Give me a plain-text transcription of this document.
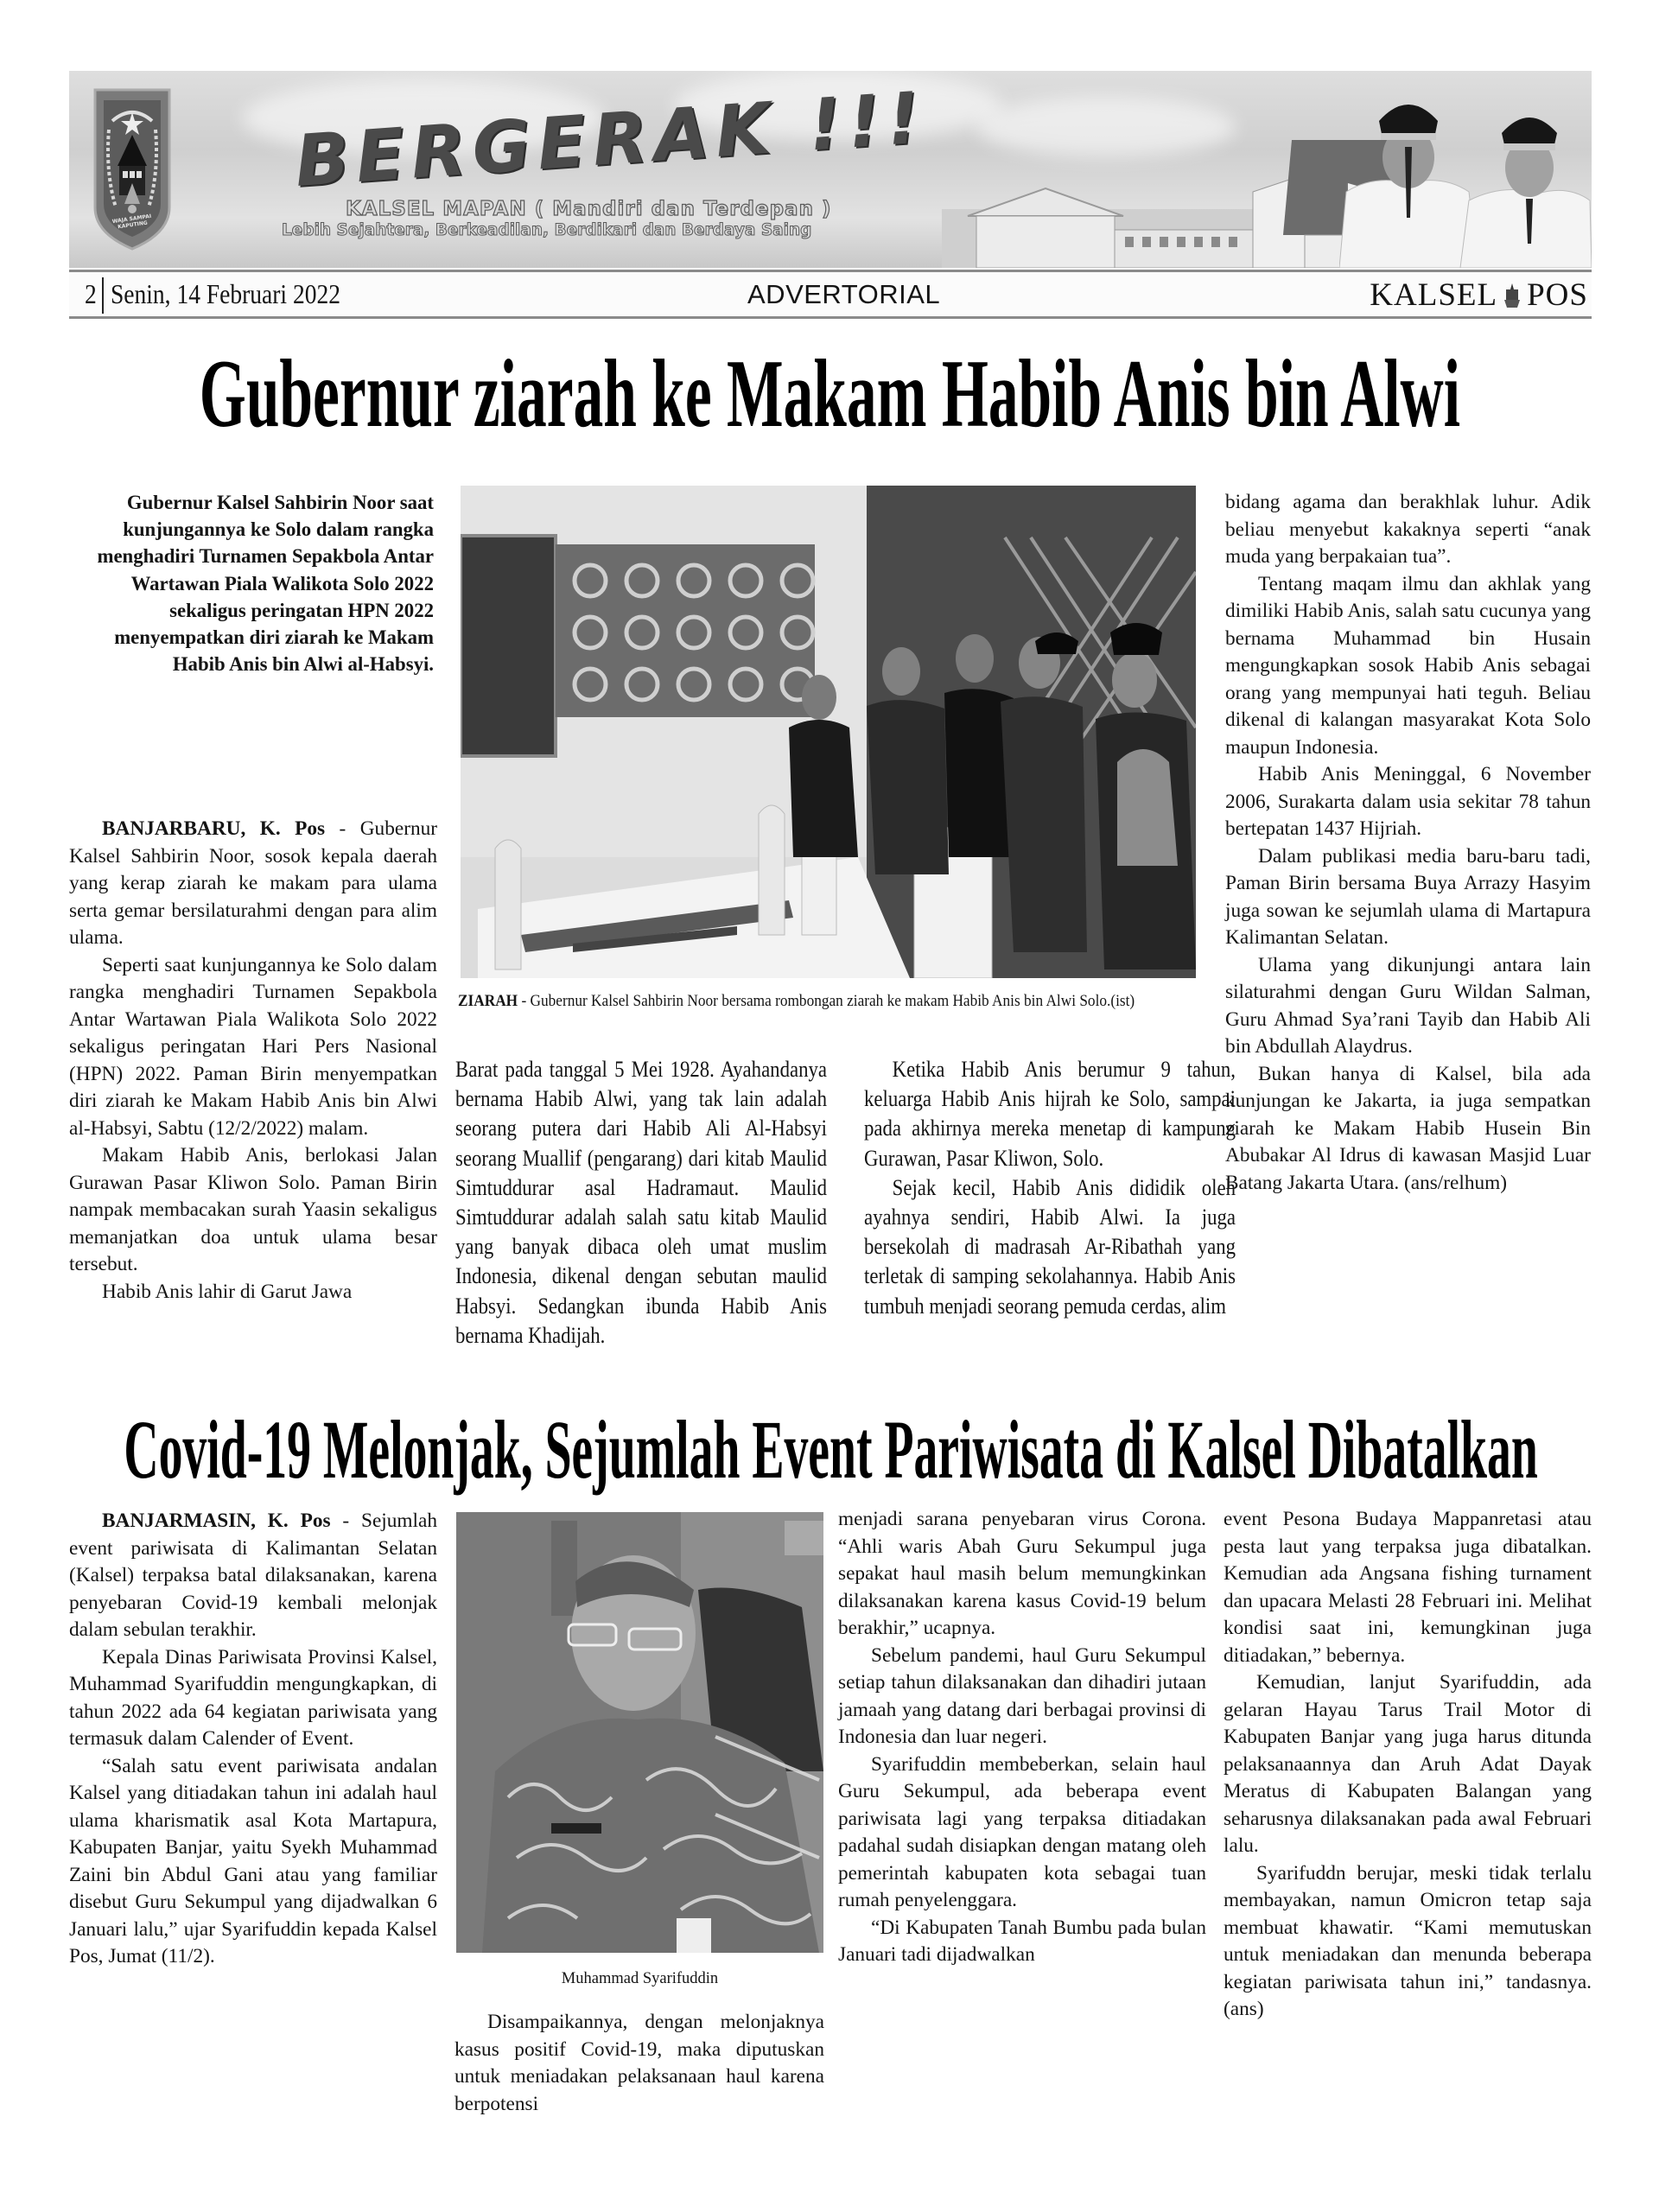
WAJA SAMPAI KAPUTING
BERGERAK !!!
KALSEL MAPAN ( Mandiri dan Terdepan )
Lebih Sejahtera, Berkeadilan, Berdikari dan Berdaya Saing
2 Senin, 14 Februari 2022	ADVERTORIAL	KALSEL POS
Gubernur ziarah ke Makam Habib Anis bin Alwi
Gubernur Kalsel Sahbirin Noor saat kunjungannya ke Solo dalam rangka menghadiri Turnamen Sepakbola Antar Wartawan Piala Walikota Solo 2022 sekaligus peringatan HPN 2022 menyempatkan diri ziarah ke Makam Habib Anis bin Alwi al-Habsyi.

BANJARBARU, K. Pos - Gubernur Kalsel Sahbirin Noor, sosok kepala daerah yang kerap ziarah ke makam para ulama serta gemar bersilaturahmi dengan para alim ulama.

Seperti saat kunjungannya ke Solo dalam rangka menghadiri Turnamen Sepakbola Antar Wartawan Piala Walikota Solo 2022 sekaligus peringatan Hari Pers Nasional (HPN) 2022. Paman Birin menyempatkan diri ziarah ke Makam Habib Anis bin Alwi al-Habsyi, Sabtu (12/2/2022) malam.

Makam Habib Anis, berlokasi Jalan Gurawan Pasar Kliwon Solo. Paman Birin nampak membacakan surah Yaasin sekaligus memanjatkan doa untuk ulama besar tersebut.

Habib Anis lahir di Garut Jawa

ZIARAH - Gubernur Kalsel Sahbirin Noor bersama rombongan ziarah ke makam Habib Anis bin Alwi Solo.(ist)

Barat pada tanggal 5 Mei 1928. Ayahandanya bernama Habib Alwi, yang tak lain adalah seorang putera dari Habib Ali Al-Habsyi seorang Muallif (pengarang) dari kitab Maulid Simtuddurar asal Hadramaut. Maulid Simtuddurar adalah salah satu kitab Maulid yang banyak dibaca oleh umat muslim Indonesia, dikenal dengan sebutan maulid Habsyi. Sedangkan ibunda Habib Anis bernama Khadijah.

Ketika Habib Anis berumur 9 tahun, keluarga Habib Anis hijrah ke Solo, sampai pada akhirnya mereka menetap di kampung Gurawan, Pasar Kliwon, Solo.

Sejak kecil, Habib Anis dididik oleh ayahnya sendiri, Habib Alwi. Ia juga bersekolah di madrasah Ar-Ribathah yang terletak di samping sekolahannya. Habib Anis tumbuh menjadi seorang pemuda cerdas, alim

bidang agama dan berakhlak luhur. Adik beliau menyebut kakaknya seperti “anak muda yang berpakaian tua”.

Tentang maqam ilmu dan akhlak yang dimiliki Habib Anis, salah satu cucunya yang bernama Muhammad bin Husain mengungkapkan sosok Habib Anis sebagai orang yang mempunyai hati teguh. Beliau dikenal di kalangan masyarakat Kota Solo maupun Indonesia.

Habib Anis Meninggal, 6 November 2006, Surakarta dalam usia sekitar 78 tahun bertepatan 1437 Hijriah.

Dalam publikasi media baru-baru tadi, Paman Birin bersama Buya Arrazy Hasyim juga sowan ke sejumlah ulama di Martapura Kalimantan Selatan.

Ulama yang dikunjungi antara lain silaturahmi dengan Guru Wildan Salman, Guru Ahmad Sya’rani Tayib dan Habib Ali bin Abdullah Alaydrus.

Bukan hanya di Kalsel, bila ada kunjungan ke Jakarta, ia juga sempatkan ziarah ke Makam Habib Husein Bin Abubakar Al Idrus di kawasan Masjid Luar Batang Jakarta Utara. (ans/relhum)

Covid-19 Melonjak, Sejumlah Event Pariwisata di Kalsel Dibatalkan

BANJARMASIN, K. Pos - Sejumlah event pariwisata di Kalimantan Selatan (Kalsel) terpaksa batal dilaksanakan, karena penyebaran Covid-19 kembali melonjak dalam sebulan terakhir.

Kepala Dinas Pariwisata Provinsi Kalsel, Muhammad Syarifuddin mengungkapkan, di tahun 2022 ada 64 kegiatan pariwisata yang termasuk dalam Calender of Event.

“Salah satu event pariwisata andalan Kalsel yang ditiadakan tahun ini adalah haul ulama kharismatik asal Kota Martapura, Kabupaten Banjar, yaitu Syekh Muhammad Zaini bin Abdul Gani atau yang familiar disebut Guru Sekumpul yang dijadwalkan 6 Januari lalu,” ujar Syarifuddin kepada Kalsel Pos, Jumat (11/2).

Muhammad Syarifuddin

Disampaikannya, dengan melonjaknya kasus positif Covid-19, maka diputuskan untuk meniadakan pelaksanaan haul karena berpotensi

menjadi sarana penyebaran virus Corona. “Ahli waris Abah Guru Sekumpul juga sepakat haul masih belum memungkinkan dilaksanakan karena kasus Covid-19 belum berakhir,” ucapnya.

Sebelum pandemi, haul Guru Sekumpul setiap tahun dilaksanakan dan dihadiri jutaan jamaah yang datang dari berbagai provinsi di Indonesia dan luar negeri.

Syarifuddin membeberkan, selain haul Guru Sekumpul, ada beberapa event pariwisata lagi yang terpaksa ditiadakan padahal sudah disiapkan dengan matang oleh pemerintah kabupaten kota sebagai tuan rumah penyelenggara.

“Di Kabupaten Tanah Bumbu pada bulan Januari tadi dijadwalkan

event Pesona Budaya Mappanretasi atau pesta laut yang terpaksa juga dibatalkan. Kemudian ada Angsana fishing turnament dan upacara Melasti 28 Februari ini. Melihat kondisi saat ini, kemungkinan juga ditiadakan,” bebernya.

Kemudian, lanjut Syarifuddin, ada gelaran Hayau Tarus Trail Motor di Kabupaten Banjar yang juga harus ditunda pelaksanaannya dan Aruh Adat Dayak Meratus di Kabupaten Balangan yang seharusnya dilaksanakan pada awal Februari lalu.

Syarifuddn berujar, meski tidak terlalu membayakan, namun Omicron tetap saja membuat khawatir. “Kami memutuskan untuk meniadakan dan menunda beberapa kegiatan pariwisata tahun ini,” tandasnya.(ans)
